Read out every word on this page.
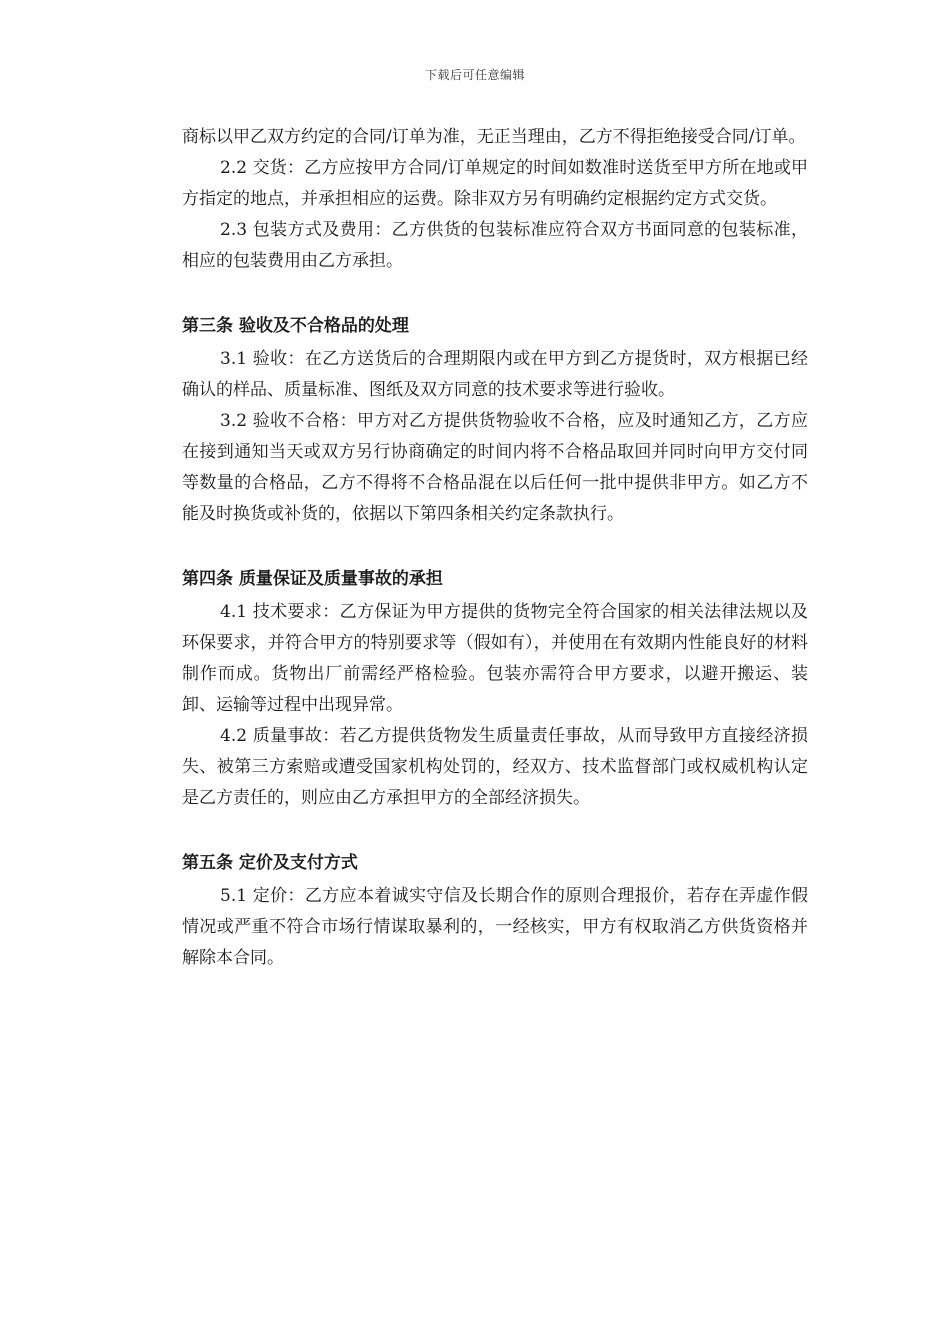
下载后可任意编辑

商标以甲乙双方约定的合同/订单为准，无正当理由，乙方不得拒绝接受合同/订单。

2.2 交货：乙方应按甲方合同/订单规定的时间如数准时送货至甲方所在地或甲方指定的地点，并承担相应的运费。除非双方另有明确约定根据约定方式交货。

2.3 包装方式及费用：乙方供货的包装标准应符合双方书面同意的包装标准，相应的包装费用由乙方承担。

第三条 验收及不合格品的处理

3.1 验收：在乙方送货后的合理期限内或在甲方到乙方提货时，双方根据已经确认的样品、质量标准、图纸及双方同意的技术要求等进行验收。

3.2 验收不合格：甲方对乙方提供货物验收不合格，应及时通知乙方，乙方应在接到通知当天或双方另行协商确定的时间内将不合格品取回并同时向甲方交付同等数量的合格品，乙方不得将不合格品混在以后任何一批中提供非甲方。如乙方不能及时换货或补货的，依据以下第四条相关约定条款执行。

第四条 质量保证及质量事故的承担

4.1 技术要求：乙方保证为甲方提供的货物完全符合国家的相关法律法规以及环保要求，并符合甲方的特别要求等（假如有），并使用在有效期内性能良好的材料制作而成。货物出厂前需经严格检验。包装亦需符合甲方要求，以避开搬运、装卸、运输等过程中出现异常。

4.2 质量事故：若乙方提供货物发生质量责任事故，从而导致甲方直接经济损失、被第三方索赔或遭受国家机构处罚的，经双方、技术监督部门或权威机构认定是乙方责任的，则应由乙方承担甲方的全部经济损失。

第五条 定价及支付方式

5.1 定价：乙方应本着诚实守信及长期合作的原则合理报价，若存在弄虚作假情况或严重不符合市场行情谋取暴利的，一经核实，甲方有权取消乙方供货资格并解除本合同。
